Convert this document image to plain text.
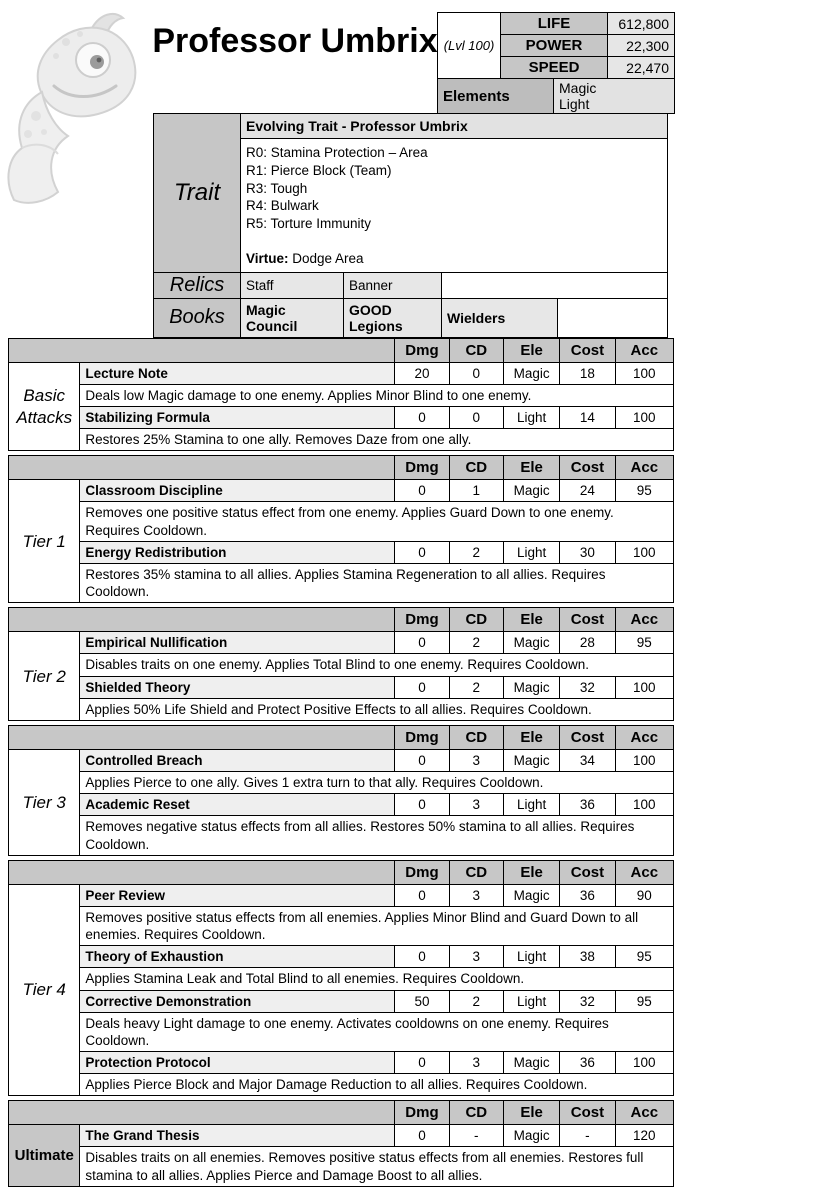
Professor Umbrix (Lvl 100)	LIFE	612,800
	POWER	22,300
	SPEED	22,470
Elements	Magic
Light
Trait	
Evolving Trait - Professor Umbrix
R0: Stamina Protection – Area
R1: Pierce Block (Team)
R3: Tough
R4: Bulwark
R5: Torture Immunity
Virtue: Dodge Area

Relics	Staff	Banner		
Books	Magic Council	GOOD Legions	Wielders	
		Dmg	CD	Ele	Cost	Acc
Basic Attacks	Lecture Note	20	0	Magic	18	100
	Deals low Magic damage to one enemy. Applies Minor Blind to one enemy.					
	Stabilizing Formula	0	0	Light	14	100
	Restores 25% Stamina to one ally. Removes Daze from one ally.					
		Dmg	CD	Ele	Cost	Acc
Tier 1	Classroom Discipline	0	1	Magic	24	95
	Removes one positive status effect from one enemy. Applies Guard Down to one enemy. Requires Cooldown.					
	Energy Redistribution	0	2	Light	30	100
	Restores 35% stamina to all allies. Applies Stamina Regeneration to all allies. Requires Cooldown.					
		Dmg	CD	Ele	Cost	Acc
Tier 2	Empirical Nullification	0	2	Magic	28	95
	Disables traits on one enemy. Applies Total Blind to one enemy. Requires Cooldown.					
	Shielded Theory	0	2	Magic	32	100
	Applies 50% Life Shield and Protect Positive Effects to all allies. Requires Cooldown.					
		Dmg	CD	Ele	Cost	Acc
Tier 3	Controlled Breach	0	3	Magic	34	100
	Applies Pierce to one ally. Gives 1 extra turn to that ally. Requires Cooldown.					
	Academic Reset	0	3	Light	36	100
	Removes negative status effects from all allies. Restores 50% stamina to all allies. Requires Cooldown.					
		Dmg	CD	Ele	Cost	Acc
Tier 4	Peer Review	0	3	Magic	36	90
	Removes positive status effects from all enemies. Applies Minor Blind and Guard Down to all enemies. Requires Cooldown.					
	Theory of Exhaustion	0	3	Light	38	95
	Applies Stamina Leak and Total Blind to all enemies. Requires Cooldown.					
	Corrective Demonstration	50	2	Light	32	95
	Deals heavy Light damage to one enemy. Activates cooldowns on one enemy. Requires Cooldown.					
	Protection Protocol	0	3	Magic	36	100
	Applies Pierce Block and Major Damage Reduction to all allies. Requires Cooldown.					
		Dmg	CD	Ele	Cost	Acc
Ultimate	The Grand Thesis	0	-	Magic	-	120
	Disables traits on all enemies. Removes positive status effects from all enemies. Restores full stamina to all allies. Applies Pierce and Damage Boost to all allies.					
